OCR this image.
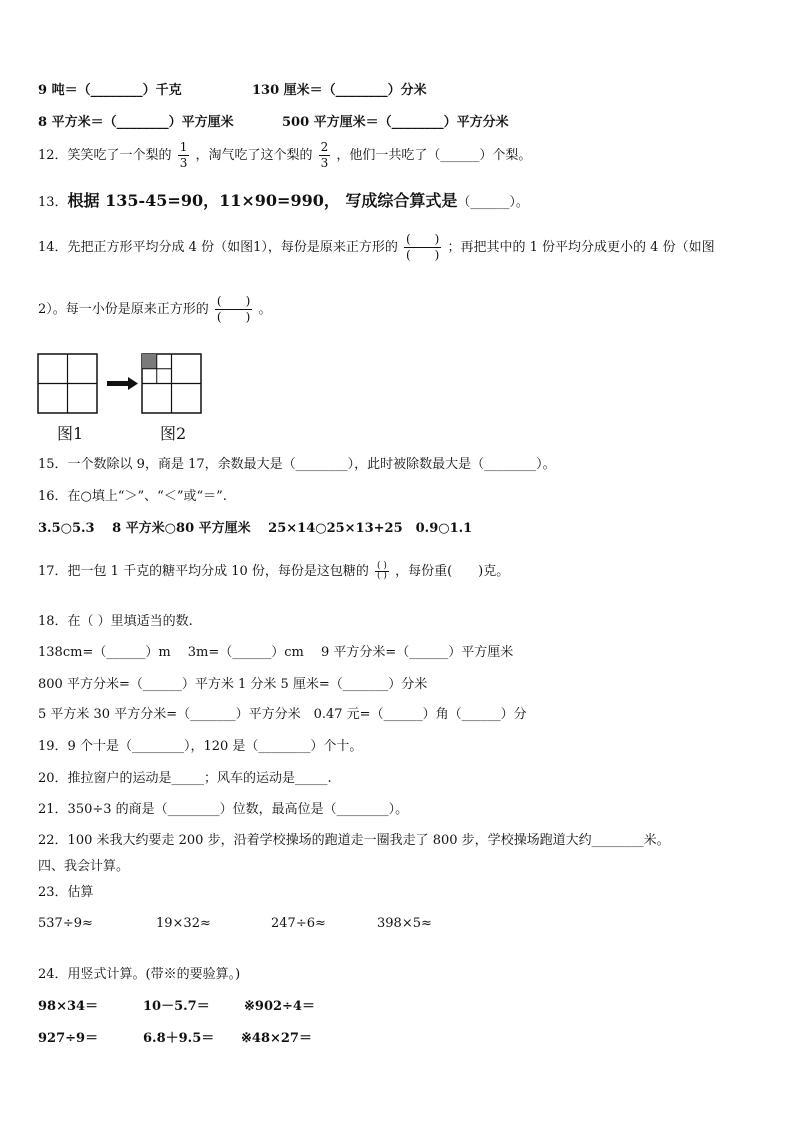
9 吨＝（________）千克	130 厘米＝（________）分米
8 平方米＝（________）平方厘米	500 平方厘米＝（________）平方分米
12．笑笑吃了一个梨的 $\frac{1}{3}$ ，淘气吃了这个梨的 $\frac{2}{3}$ ，他们一共吃了（______）个梨。
13．根据 135-45=90，11×90=990， 写成综合算式是（______）。
14．先把正方形平均分成 4 份（如图1），每份是原来正方形的 $\frac{( )}{( )}$ ；再把其中的 1 份平均分成更小的 4 份（如图
2）。每一小份是原来正方形的 $\frac{( )}{( )}$ 。
图1	图2
15．一个数除以 9，商是 17，余数最大是（________），此时被除数最大是（________）。
16．在○填上“＞”、“＜”或“＝”.
3.5○5.3　 8 平方米○80 平方厘米　 25×14○25×13+25　0.9○1.1
17．把一包 1 千克的糖平均分成 10 份，每份是这包糖的 $\frac{( )}{( )}$ ，每份重(　　)克。
18．在（ ）里填适当的数.
138cm=（______）m　 3m=（______）cm　 9 平方分米=（______）平方厘米
800 平方分米=（______）平方米 1 分米 5 厘米=（_______）分米
5 平方米 30 平方分米=（_______）平方分米　0.47 元=（______）角（______）分
19．9 个十是（________），120 是（________）个十。
20．推拉窗户的运动是_____；风车的运动是_____.
21．350÷3 的商是（________）位数，最高位是（________）。
22．100 米我大约要走 200 步，沿着学校操场的跑道走一圈我走了 800 步，学校操场跑道大约________米。
四、我会计算。
23．估算
537÷9≈	19×32≈	247÷6≈	398×5≈
24．用竖式计算。(带※的要验算。)
98×34＝	10－5.7＝	※902÷4＝
927÷9＝	6.8＋9.5＝ ※48×27＝
